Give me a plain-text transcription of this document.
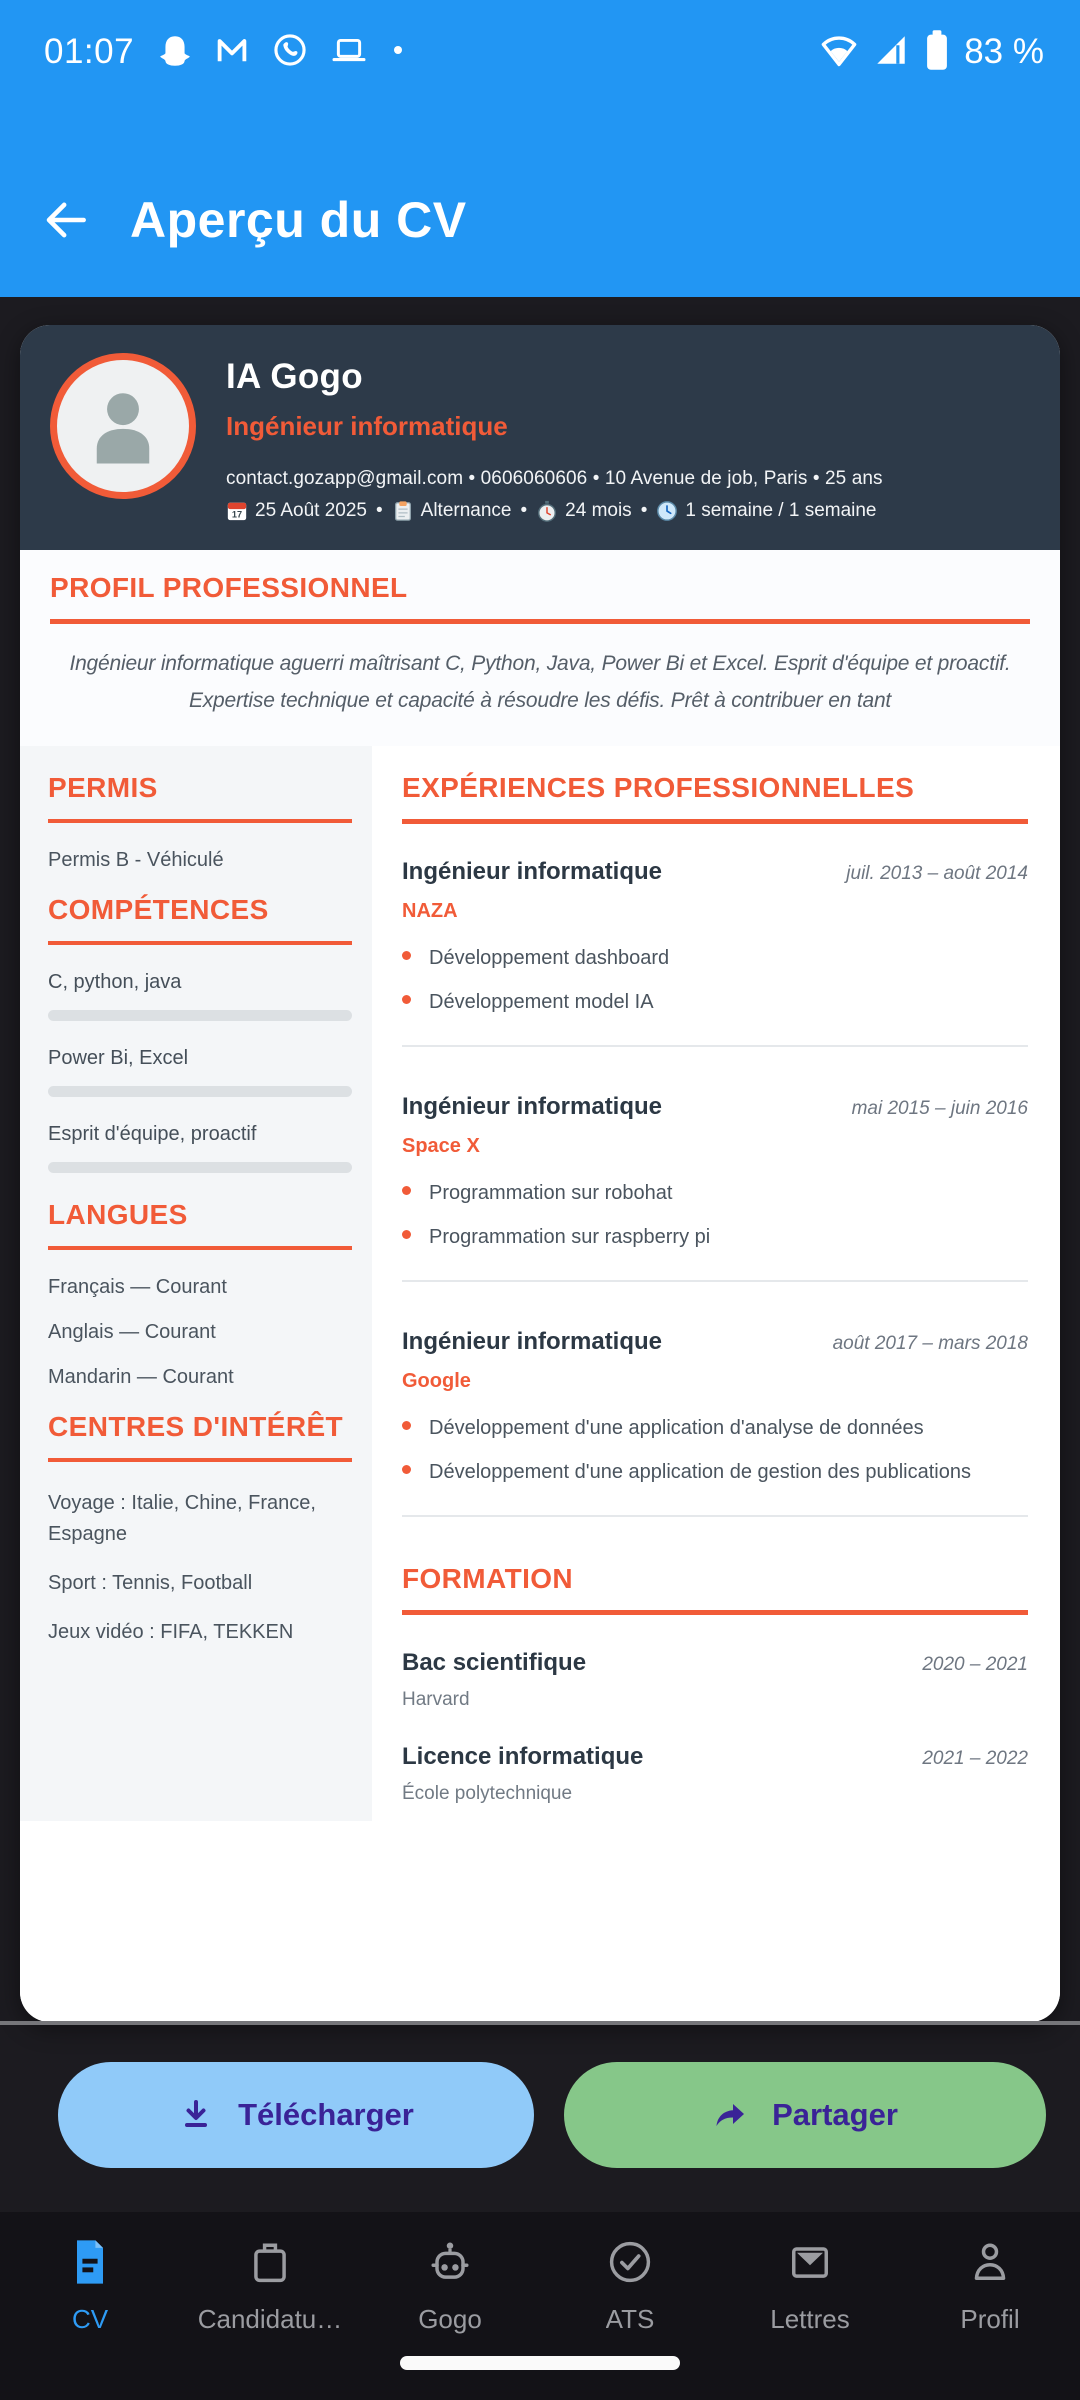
01:07	83 %
Aperçu du CV
IA Gogo
Ingénieur informatique
contact.gozapp@gmail.com • 0606060606 • 10 Avenue de job, Paris • 25 ans
17 25 Août 2025 • Alternance • 24 mois • 1 semaine / 1 semaine
PROFIL PROFESSIONNEL

Ingénieur informatique aguerri maîtrisant C, Python, Java, Power Bi et Excel. Esprit d'équipe et proactif. Expertise technique et capacité à résoudre les défis. Prêt à contribuer en tant

PERMIS
Permis B - Véhiculé
COMPÉTENCES
C, python, java
Power Bi, Excel
Esprit d'équipe, proactif
LANGUES
Français — Courant
Anglais — Courant
Mandarin — Courant
CENTRES D'INTÉRÊT
Voyage : Italie, Chine, France, Espagne
Sport : Tennis, Football
Jeux vidéo : FIFA, TEKKEN
EXPÉRIENCES PROFESSIONNELLES
Ingénieur informatique	juil. 2013 – août 2014
NAZA
Développement dashboard
Développement model IA
Ingénieur informatique	mai 2015 – juin 2016
Space X
Programmation sur robohat
Programmation sur raspberry pi
Ingénieur informatique	août 2017 – mars 2018
Google
Développement d'une application d'analyse de données
Développement d'une application de gestion des publications
FORMATION
Bac scientifique	2020 – 2021
Harvard
Licence informatique	2021 – 2022
École polytechnique
Télécharger	Partager
CV	Candidatu…	Gogo	ATS	Lettres	Profil
